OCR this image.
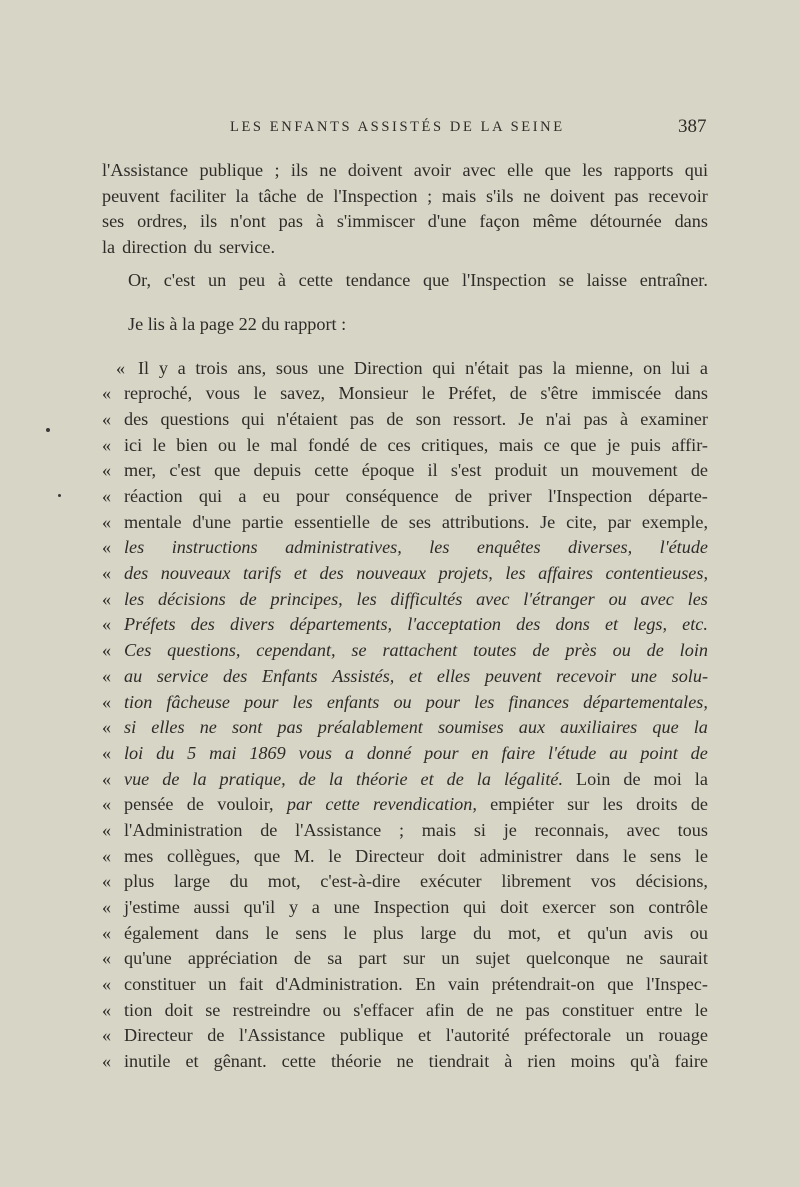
LES ENFANTS ASSISTÉS DE LA SEINE	387
l'Assistance publique ; ils ne doivent avoir avec elle que les rapports qui
peuvent faciliter la tâche de l'Inspection ; mais s'ils ne doivent pas recevoir
ses ordres, ils n'ont pas à s'immiscer d'une façon même détournée dans
la direction du service.
Or, c'est un peu à cette tendance que l'Inspection se laisse entraîner.
Je lis à la page 22 du rapport :
« Il y a trois ans, sous une Direction qui n'était pas la mienne, on lui a
« reproché, vous le savez, Monsieur le Préfet, de s'être immiscée dans
« des questions qui n'étaient pas de son ressort. Je n'ai pas à examiner
« ici le bien ou le mal fondé de ces critiques, mais ce que je puis affir-
« mer, c'est que depuis cette époque il s'est produit un mouvement de
« réaction qui a eu pour conséquence de priver l'Inspection départe-
« mentale d'une partie essentielle de ses attributions. Je cite, par exemple,
« les instructions administratives, les enquêtes diverses, l'étude
« des nouveaux tarifs et des nouveaux projets, les affaires contentieuses,
« les décisions de principes, les difficultés avec l'étranger ou avec les
« Préfets des divers départements, l'acceptation des dons et legs, etc.
« Ces questions, cependant, se rattachent toutes de près ou de loin
« au service des Enfants Assistés, et elles peuvent recevoir une solu-
« tion fâcheuse pour les enfants ou pour les finances départementales,
« si elles ne sont pas préalablement soumises aux auxiliaires que la
« loi du 5 mai 1869 vous a donné pour en faire l'étude au point de
« vue de la pratique, de la théorie et de la légalité. Loin de moi la
« pensée de vouloir, par cette revendication, empiéter sur les droits de
« l'Administration de l'Assistance ; mais si je reconnais, avec tous
« mes collègues, que M. le Directeur doit administrer dans le sens le
« plus large du mot, c'est-à-dire exécuter librement vos décisions,
« j'estime aussi qu'il y a une Inspection qui doit exercer son contrôle
« également dans le sens le plus large du mot, et qu'un avis ou
« qu'une appréciation de sa part sur un sujet quelconque ne saurait
« constituer un fait d'Administration. En vain prétendrait-on que l'Inspec-
« tion doit se restreindre ou s'effacer afin de ne pas constituer entre le
« Directeur de l'Assistance publique et l'autorité préfectorale un rouage
« inutile et gênant. cette théorie ne tiendrait à rien moins qu'à faire
